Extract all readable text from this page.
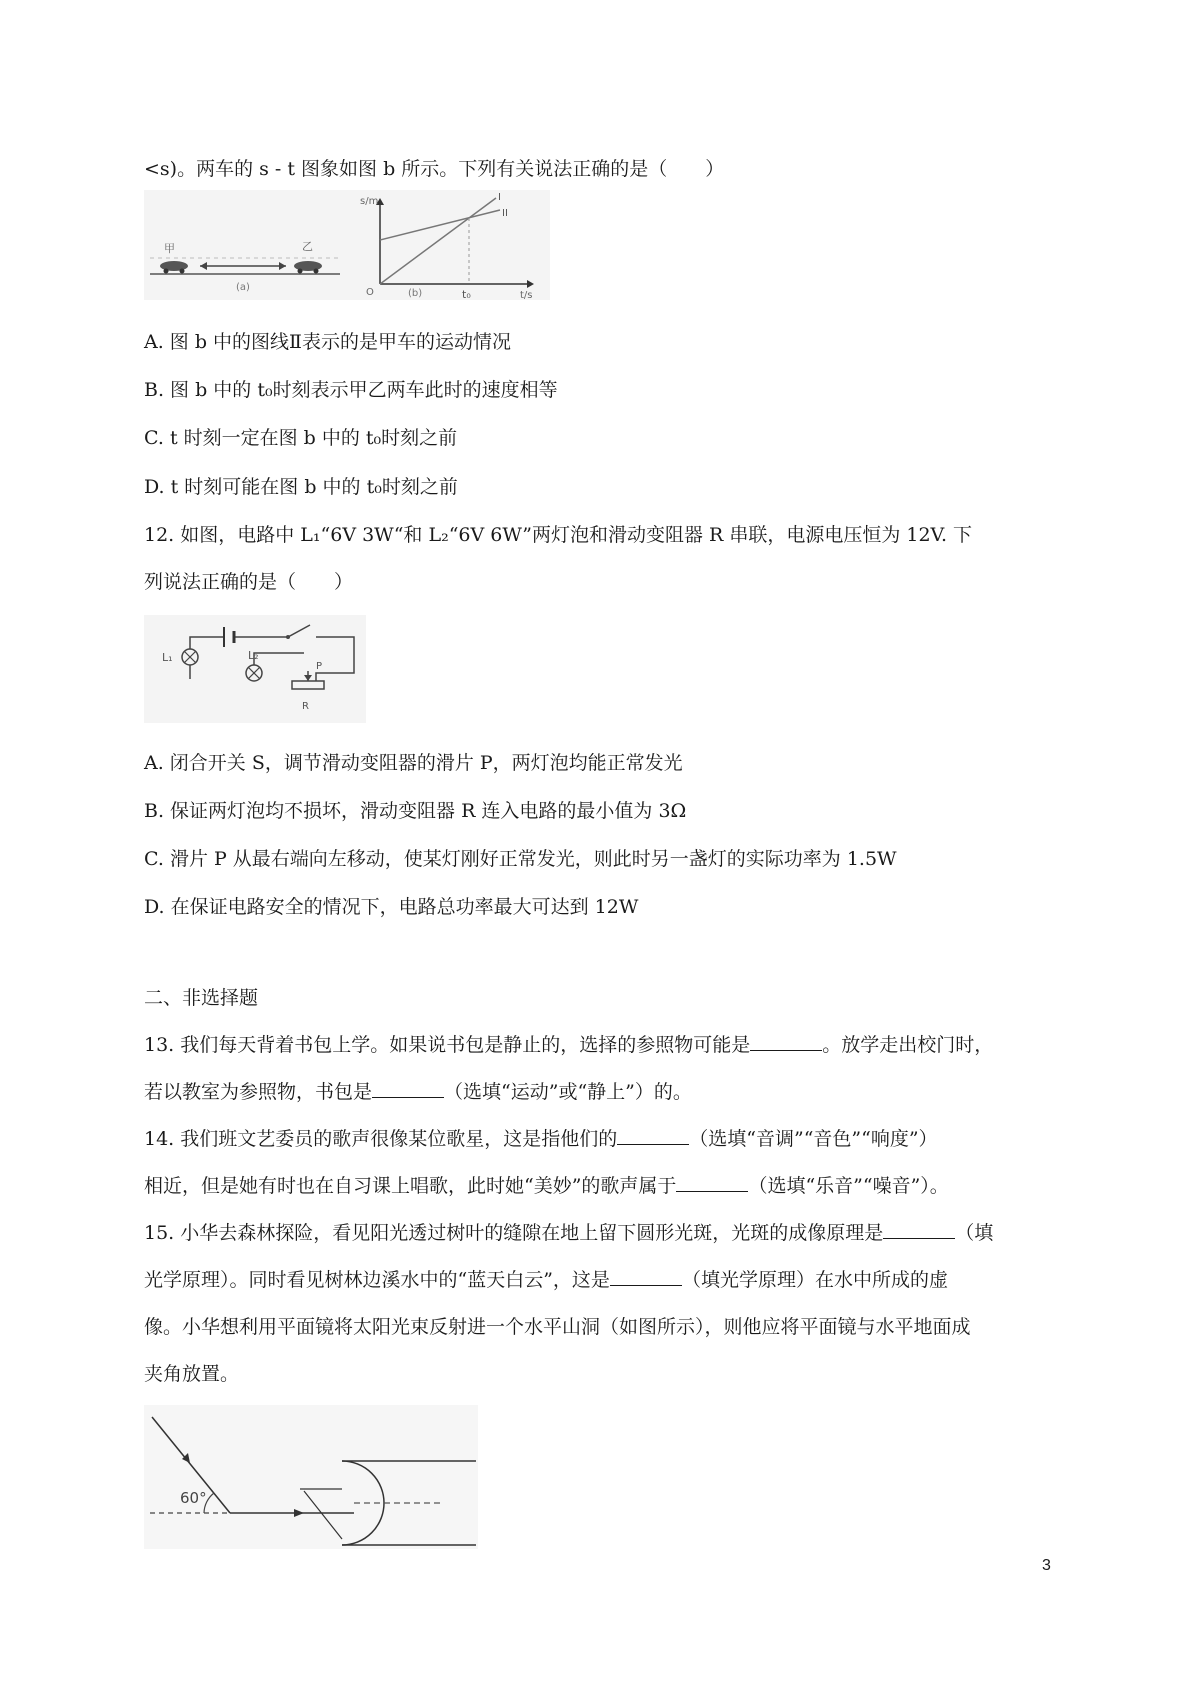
<s)。两车的 s - t 图象如图 b 所示。下列有关说法正确的是（　　）
甲	乙
(a)
s/m
O	(b)	t₀	t/s
I
II
A. 图 b 中的图线Ⅱ表示的是甲车的运动情况
B. 图 b 中的 t₀时刻表示甲乙两车此时的速度相等
C. t 时刻一定在图 b 中的 t₀时刻之前
D. t 时刻可能在图 b 中的 t₀时刻之前
12. 如图，电路中 L₁“6V 3W“和 L₂“6V 6W”两灯泡和滑动变阻器 R 串联，电源电压恒为 12V. 下
列说法正确的是（　　）
L₁	L₂
P
R
A. 闭合开关 S，调节滑动变阻器的滑片 P，两灯泡均能正常发光
B. 保证两灯泡均不损坏，滑动变阻器 R 连入电路的最小值为 3Ω
C. 滑片 P 从最右端向左移动，使某灯刚好正常发光，则此时另一盏灯的实际功率为 1.5W
D. 在保证电路安全的情况下，电路总功率最大可达到 12W
二、非选择题
13. 我们每天背着书包上学。如果说书包是静止的，选择的参照物可能是	。放学走出校门时，
若以教室为参照物，书包是	（选填“运动”或“静上”）的。
14. 我们班文艺委员的歌声很像某位歌星，这是指他们的	（选填“音调”“音色”“响度”）
相近，但是她有时也在自习课上唱歌，此时她“美妙”的歌声属于	（选填“乐音”“噪音”）。
15. 小华去森林探险，看见阳光透过树叶的缝隙在地上留下圆形光斑，光斑的成像原理是	（填
光学原理）。同时看见树林边溪水中的“蓝天白云”，这是	（填光学原理）在水中所成的虚
像。小华想利用平面镜将太阳光束反射进一个水平山洞（如图所示），则他应将平面镜与水平地面成
夹角放置。
60°
3
